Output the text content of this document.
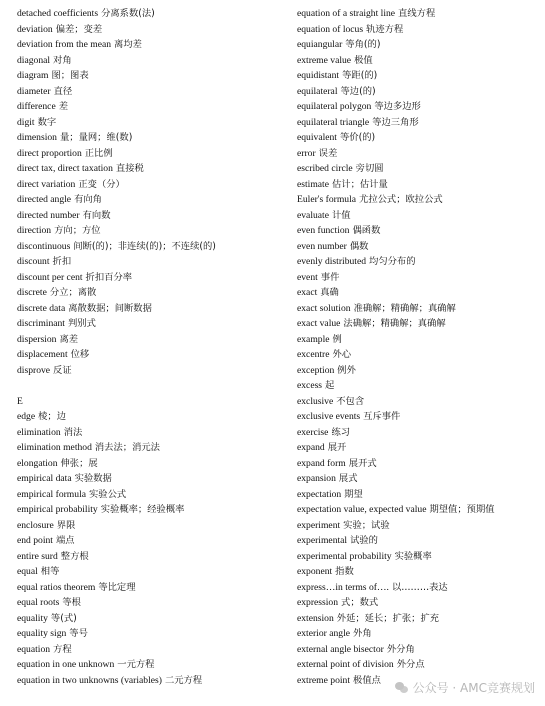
detached coefficients 分离系数(法)
deviation 偏差；变差
deviation from the mean 离均差
diagonal 对角
diagram 图；图表
diameter 直径
difference 差
digit 数字
dimension 量；量网；维(数)
direct proportion 正比例
direct tax, direct taxation 直接税
direct variation 正变（分）
directed angle 有向角
directed number 有向数
direction 方向；方位
discontinuous 间断(的)；非连续(的)；不连续(的)
discount 折扣
discount per cent 折扣百分率
discrete 分立；离散
discrete data 离散数据；间断数据
discriminant 判别式
dispersion 离差
displacement 位移
disprove 反证
E
edge 棱；边
elimination 消法
elimination method 消去法；消元法
elongation 伸张；展
empirical data 实验数据
empirical formula 实验公式
empirical probability 实验概率；经验概率
enclosure 界限
end point 端点
entire surd 整方根
equal 相等
equal ratios theorem 等比定理
equal roots 等根
equality 等(式)
equality sign 等号
equation 方程
equation in one unknown 一元方程
equation in two unknowns (variables) 二元方程
equation of a straight line 直线方程
equation of locus 轨迹方程
equiangular 等角(的)
extreme value 极值
equidistant 等距(的)
equilateral 等边(的)
equilateral polygon 等边多边形
equilateral triangle 等边三角形
equivalent 等价(的)
error 误差
escribed circle 旁切圆
estimate 估计；估计量
Euler's formula 尤拉公式；欧拉公式
evaluate 计值
even function 偶函数
even number 偶数
evenly distributed 均匀分布的
event 事件
exact 真确
exact solution 准确解；精确解；真确解
exact value 法确解；精确解；真确解
example 例
excentre 外心
exception 例外
excess 起
exclusive 不包含
exclusive events 互斥事件
exercise 练习
expand 展开
expand form 展开式
expansion 展式
expectation 期望
expectation value, expected value 期望值；预期值
experiment 实验；试验
experimental 试验的
experimental probability 实验概率
exponent 指数
express…in terms of…. 以………表达
expression 式；数式
extension 外延；延长；扩张；扩充
exterior angle 外角
external angle bisector 外分角
external point of division 外分点
extreme point 极值点
公众号 · AMC竞赛规划
